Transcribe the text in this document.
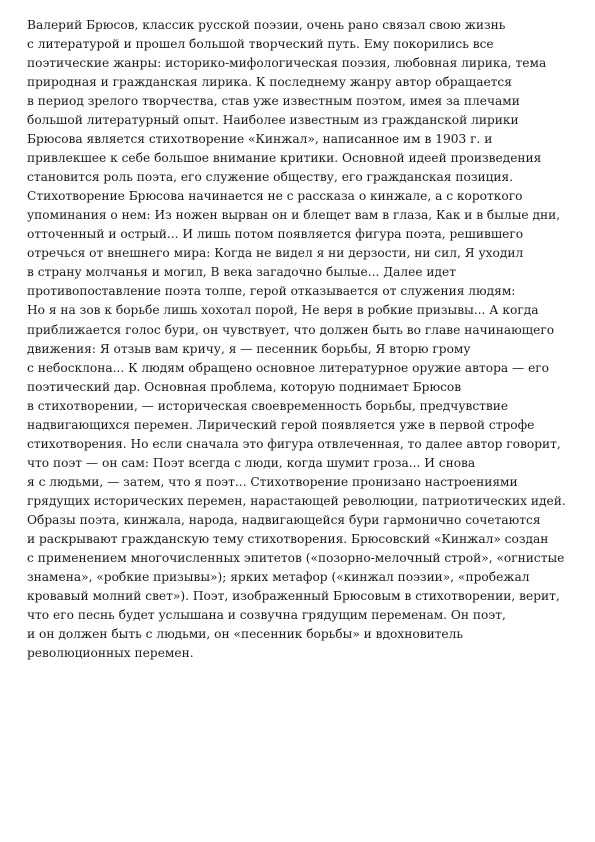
Валерий Брюсов, классик русской поэзии, очень рано связал свою жизнь
с литературой и прошел большой творческий путь. Ему покорились все
поэтические жанры: историко-мифологическая поэзия, любовная лирика, тема
природная и гражданская лирика. К последнему жанру автор обращается
в период зрелого творчества, став уже известным поэтом, имея за плечами
большой литературный опыт. Наиболее известным из гражданской лирики
Брюсова является стихотворение «Кинжал», написанное им в 1903 г. и
привлекшее к себе большое внимание критики. Основной идеей произведения
становится роль поэта, его служение обществу, его гражданская позиция.
Стихотворение Брюсова начинается не с рассказа о кинжале, а с короткого
упоминания о нем: Из ножен вырван он и блещет вам в глаза, Как и в былые дни,
отточенный и острый... И лишь потом появляется фигура поэта, решившего
отречься от внешнего мира: Когда не видел я ни дерзости, ни сил, Я уходил
в страну молчанья и могил, В века загадочно былые... Далее идет
противопоставление поэта толпе, герой отказывается от служения людям:
Но я на зов к борьбе лишь хохотал порой, Не веря в робкие призывы... А когда
приближается голос бури, он чувствует, что должен быть во главе начинающего
движения: Я отзыв вам кричу, я — песенник борьбы, Я вторю грому
с небосклона... К людям обращено основное литературное оружие автора — его
поэтический дар. Основная проблема, которую поднимает Брюсов
в стихотворении, — историческая своевременность борьбы, предчувствие
надвигающихся перемен. Лирический герой появляется уже в первой строфе
стихотворения. Но если сначала это фигура отвлеченная, то далее автор говорит,
что поэт — он сам: Поэт всегда с люди, когда шумит гроза... И снова
я с людьми, — затем, что я поэт... Стихотворение пронизано настроениями
грядущих исторических перемен, нарастающей революции, патриотических идей.
Образы поэта, кинжала, народа, надвигающейся бури гармонично сочетаются
и раскрывают гражданскую тему стихотворения. Брюсовский «Кинжал» создан
с применением многочисленных эпитетов («позорно-мелочный строй», «огнистые
знамена», «робкие призывы»); ярких метафор («кинжал поэзии», «пробежал
кровавый молний свет»). Поэт, изображенный Брюсовым в стихотворении, верит,
что его песнь будет услышана и созвучна грядущим переменам. Он поэт,
и он должен быть с людьми, он «песенник борьбы» и вдохновитель
революционных перемен.
